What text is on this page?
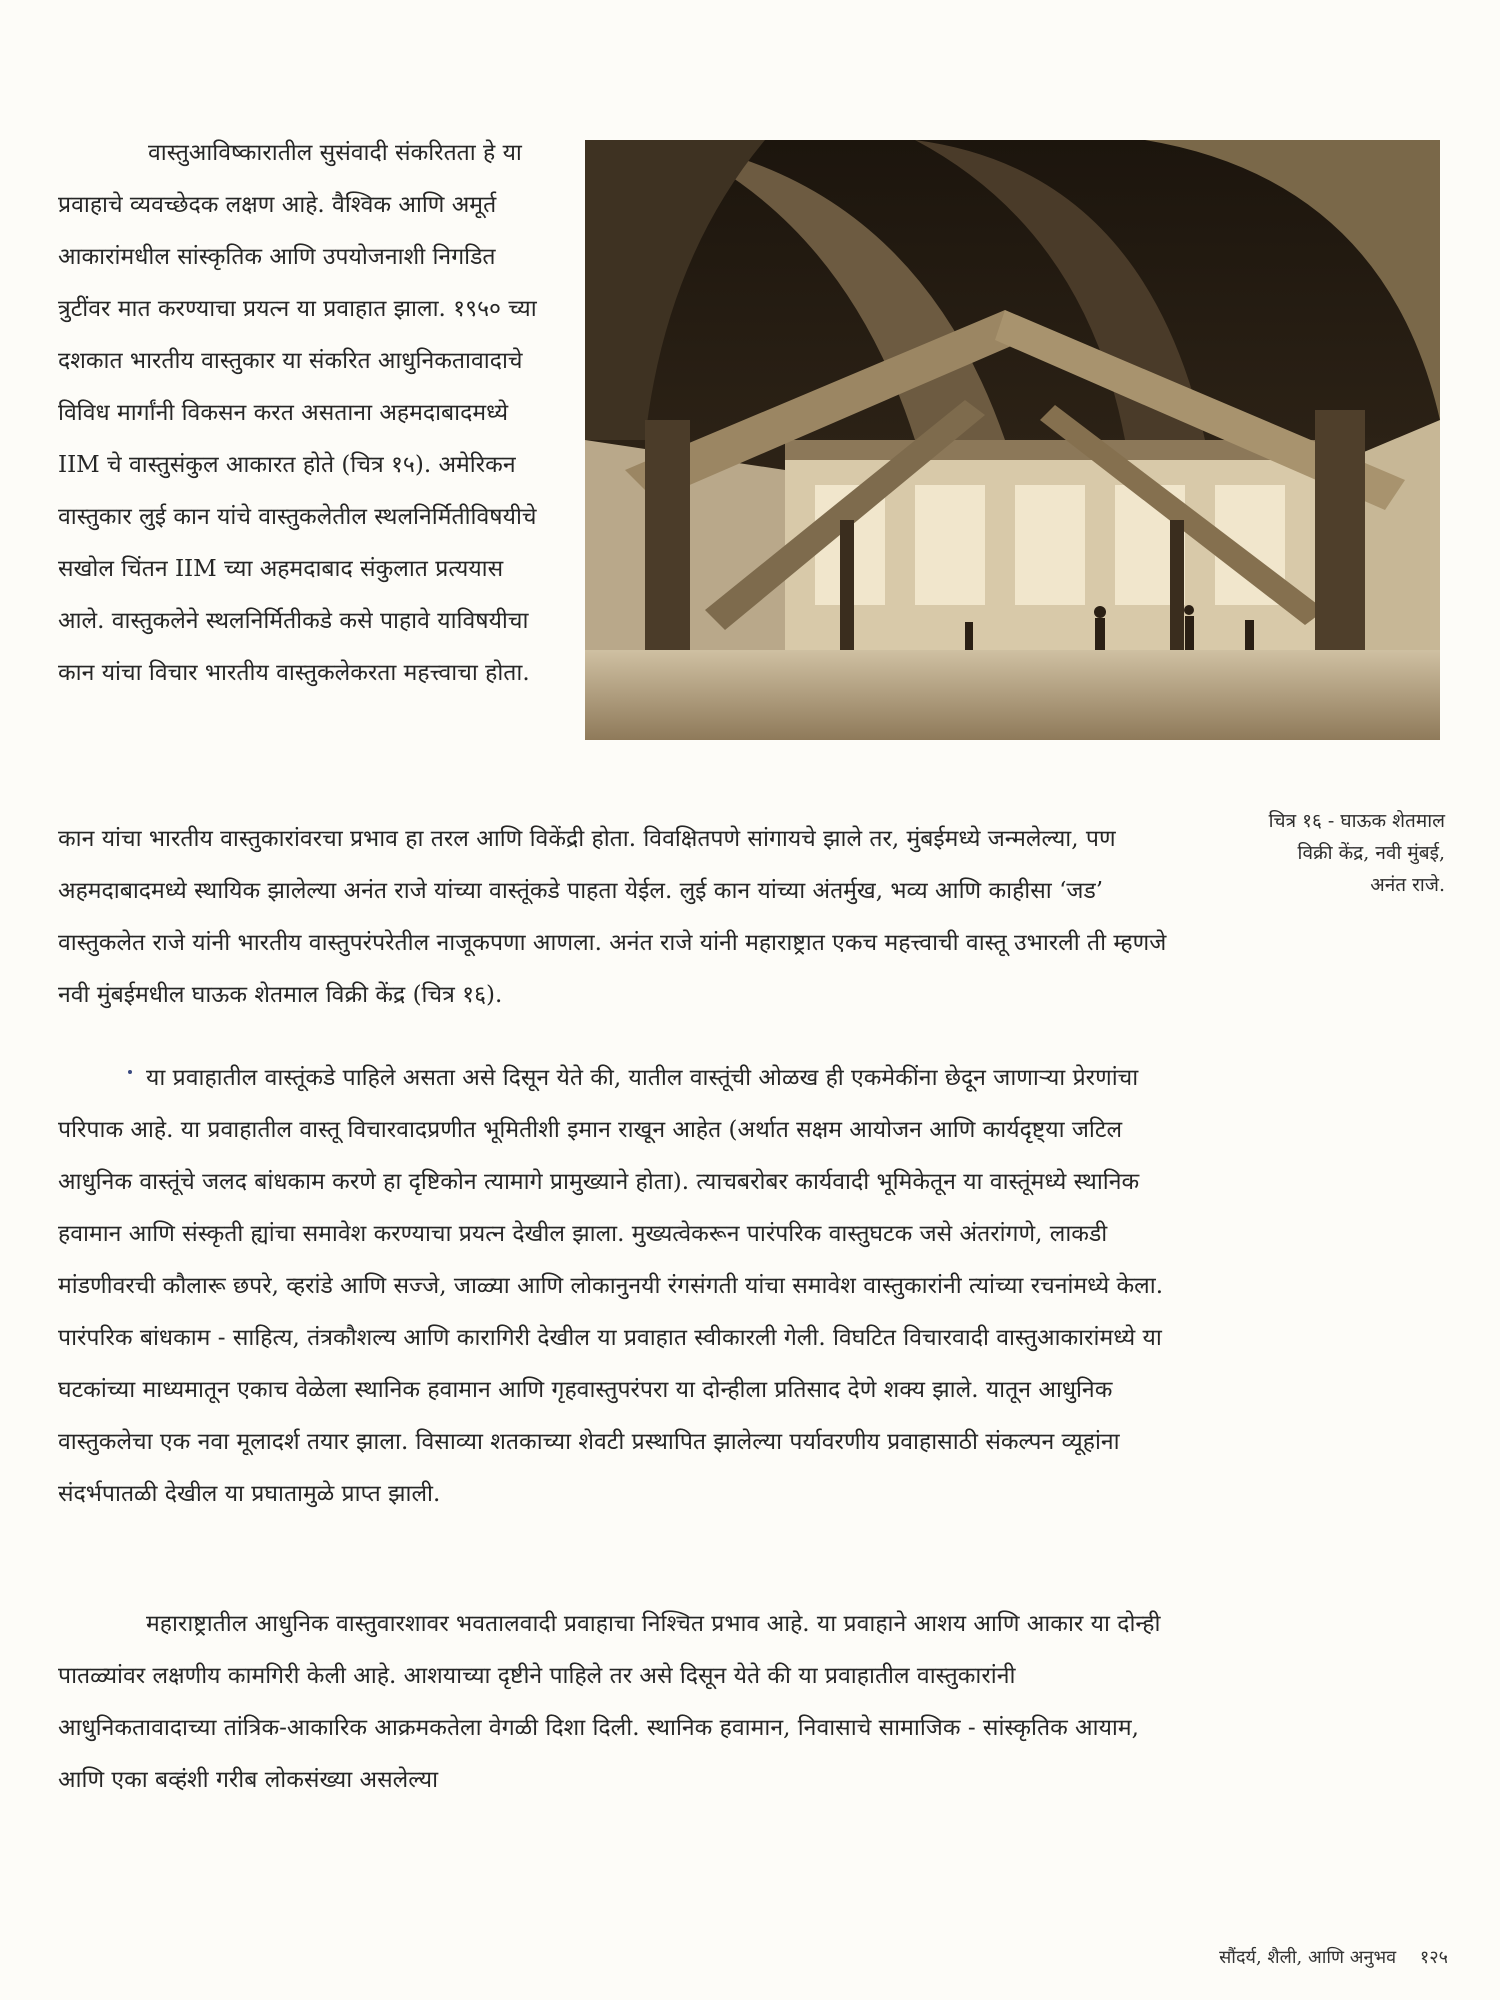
वास्तुआविष्कारातील सुसंवादी संकरितता हे या प्रवाहाचे व्यवच्छेदक लक्षण आहे. वैश्विक आणि अमूर्त आकारांमधील सांस्कृतिक आणि उपयोजनाशी निगडित त्रुटींवर मात करण्याचा प्रयत्न या प्रवाहात झाला. १९५० च्या दशकात भारतीय वास्तुकार या संकरित आधुनिकतावादाचे विविध मार्गांनी विकसन करत असताना अहमदाबादमध्ये IIM चे वास्तुसंकुल आकारत होते (चित्र १५). अमेरिकन वास्तुकार लुई कान यांचे वास्तुकलेतील स्थलनिर्मितीविषयीचे सखोल चिंतन IIM च्या अहमदाबाद संकुलात प्रत्ययास आले. वास्तुकलेने स्थलनिर्मितीकडे कसे पाहावे याविषयीचा कान यांचा विचार भारतीय वास्तुकलेकरता महत्त्वाचा होता.

चित्र १६ - घाऊक शेतमाल
विक्री केंद्र, नवी मुंबई,
अनंत राजे.

कान यांचा भारतीय वास्तुकारांवरचा प्रभाव हा तरल आणि विकेंद्री होता. विवक्षितपणे सांगायचे झाले तर, मुंबईमध्ये जन्मलेल्या, पण अहमदाबादमध्ये स्थायिक झालेल्या अनंत राजे यांच्या वास्तूंकडे पाहता येईल. लुई कान यांच्या अंतर्मुख, भव्य आणि काहीसा ‘जड’ वास्तुकलेत राजे यांनी भारतीय वास्तुपरंपरेतील नाजूकपणा आणला. अनंत राजे यांनी महाराष्ट्रात एकच महत्त्वाची वास्तू उभारली ती म्हणजे नवी मुंबईमधील घाऊक शेतमाल विक्री केंद्र (चित्र १६).

या प्रवाहातील वास्तूंकडे पाहिले असता असे दिसून येते की, यातील वास्तूंची ओळख ही एकमेकींना छेदून जाणाऱ्या प्रेरणांचा परिपाक आहे. या प्रवाहातील वास्तू विचारवादप्रणीत भूमितीशी इमान राखून आहेत (अर्थात सक्षम आयोजन आणि कार्यदृष्ट्या जटिल आधुनिक वास्तूंचे जलद बांधकाम करणे हा दृष्टिकोन त्यामागे प्रामुख्याने होता). त्याचबरोबर कार्यवादी भूमिकेतून या वास्तूंमध्ये स्थानिक हवामान आणि संस्कृती ह्यांचा समावेश करण्याचा प्रयत्न देखील झाला. मुख्यत्वेकरून पारंपरिक वास्तुघटक जसे अंतरांगणे, लाकडी मांडणीवरची कौलारू छपरे, व्हरांडे आणि सज्जे, जाळ्या आणि लोकानुनयी रंगसंगती यांचा समावेश वास्तुकारांनी त्यांच्या रचनांमध्ये केला. पारंपरिक बांधकाम - साहित्य, तंत्रकौशल्य आणि कारागिरी देखील या प्रवाहात स्वीकारली गेली. विघटित विचारवादी वास्तुआकारांमध्ये या घटकांच्या माध्यमातून एकाच वेळेला स्थानिक हवामान आणि गृहवास्तुपरंपरा या दोन्हीला प्रतिसाद देणे शक्य झाले. यातून आधुनिक वास्तुकलेचा एक नवा मूलादर्श तयार झाला. विसाव्या शतकाच्या शेवटी प्रस्थापित झालेल्या पर्यावरणीय प्रवाहासाठी संकल्पन व्यूहांना संदर्भपातळी देखील या प्रघातामुळे प्राप्त झाली.

महाराष्ट्रातील आधुनिक वास्तुवारशावर भवतालवादी प्रवाहाचा निश्चित प्रभाव आहे. या प्रवाहाने आशय आणि आकार या दोन्ही पातळ्यांवर लक्षणीय कामगिरी केली आहे. आशयाच्या दृष्टीने पाहिले तर असे दिसून येते की या प्रवाहातील वास्तुकारांनी आधुनिकतावादाच्या तांत्रिक-आकारिक आक्रमकतेला वेगळी दिशा दिली. स्थानिक हवामान, निवासाचे सामाजिक - सांस्कृतिक आयाम, आणि एका बव्हंशी गरीब लोकसंख्या असलेल्या

सौंदर्य, शैली, आणि अनुभव १२५
